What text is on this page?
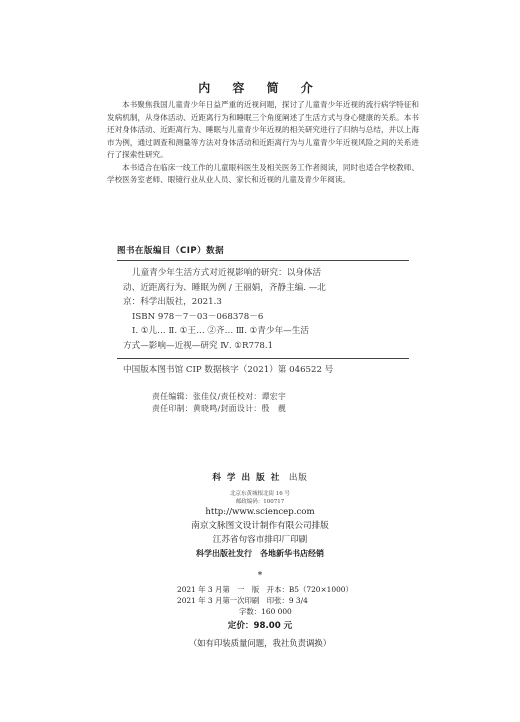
内 容 简 介

本书聚焦我国儿童青少年日益严重的近视问题，探讨了儿童青少年近视的流行病学特征和发病机制，从身体活动、近距离行为和睡眠三个角度阐述了生活方式与身心健康的关系。本书还对身体活动、近距离行为、睡眠与儿童青少年近视的相关研究进行了归纳与总结，并以上海市为例，通过调查和测量等方法对身体活动和近距离行为与儿童青少年近视风险之间的关系进行了探索性研究。

本书适合在临床一线工作的儿童眼科医生及相关医务工作者阅读，同时也适合学校教师、学校医务室老师、眼镜行业从业人员、家长和近视的儿童及青少年阅读。

图书在版编目（CIP）数据

儿童青少年生活方式对近视影响的研究：以身体活

动、近距离行为、睡眠为例 / 王丽娟，齐静主编. —北

京：科学出版社，2021.3

ISBN 978－7－03－068378－6

Ⅰ. ①儿… Ⅱ. ①王… ②齐… Ⅲ. ①青少年—生活

方式—影响—近视—研究 Ⅳ. ①R778.1

中国版本图书馆 CIP 数据核字（2021）第 046522 号

责任编辑：张佳仪/责任校对：谭宏宇
责任印制：黄晓鸣/封面设计：殷　靓
科学出版社 出版
北京东黄城根北街 16 号
邮政编码：100717
http://www.sciencep.com
南京文脉图文设计制作有限公司排版
江苏省句容市排印厂印刷
科学出版社发行　各地新华书店经销
*
2021 年 3 月第　一　版　开本：B5（720×1000）
2021 年 3 月第一次印刷　印张：9 3/4
字数：160 000
定价：98.00 元
（如有印装质量问题，我社负责调换）
